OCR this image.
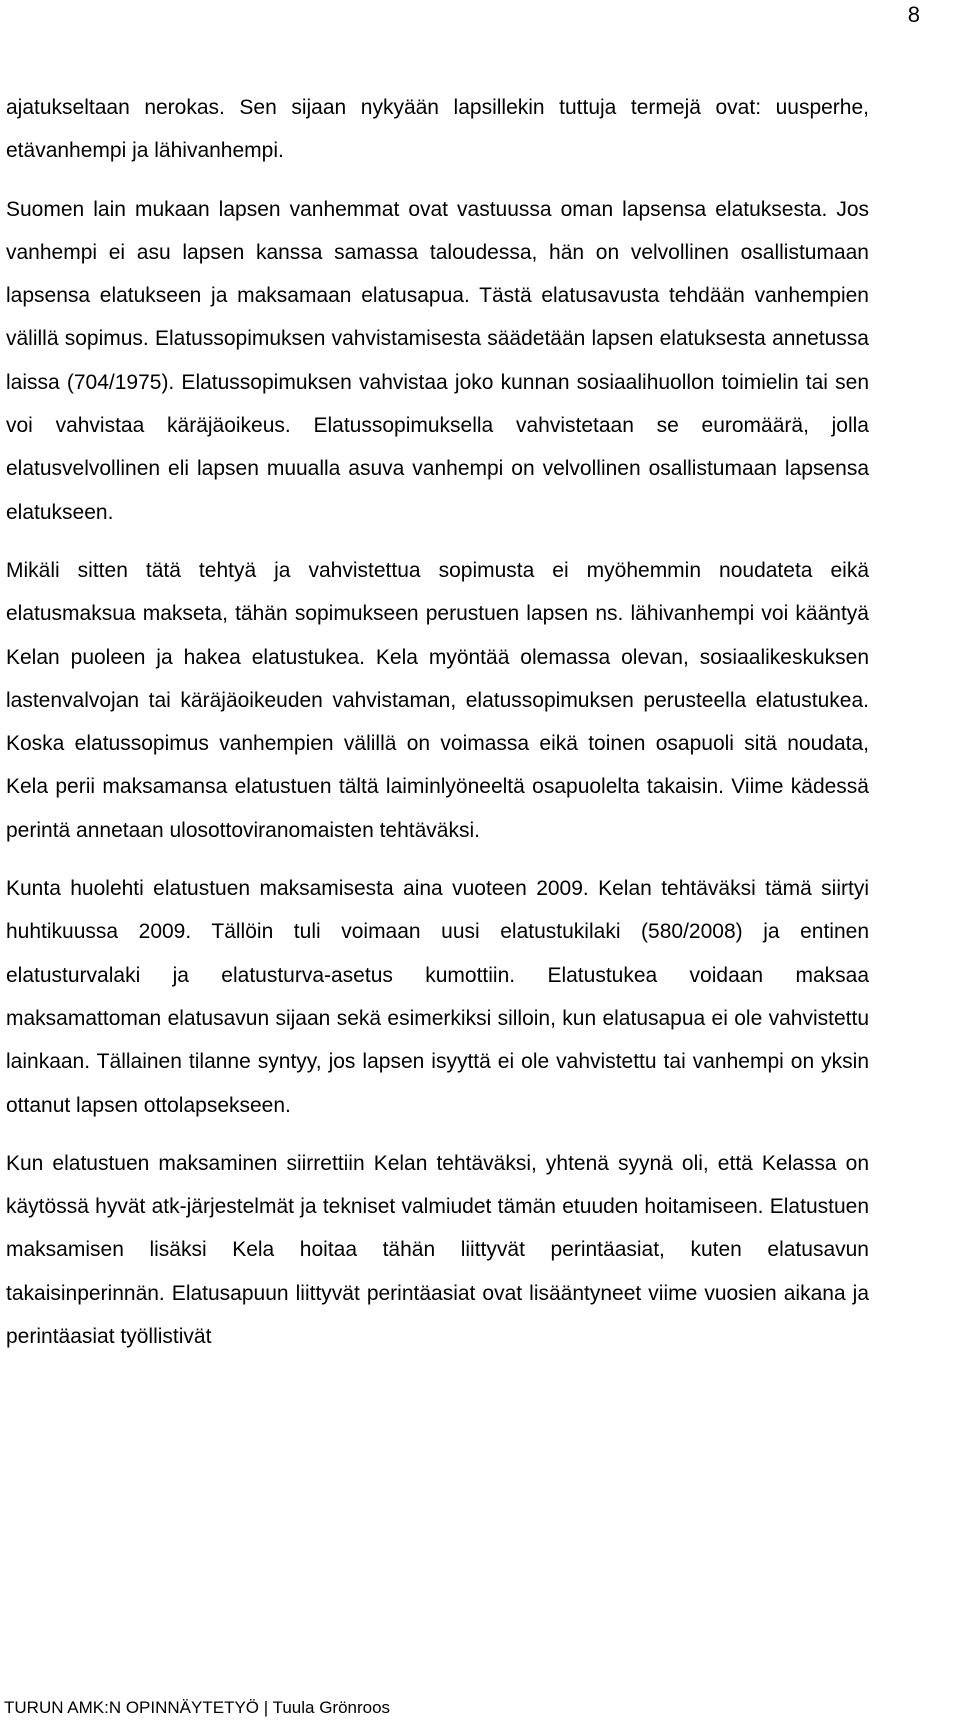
8

ajatukseltaan nerokas. Sen sijaan nykyään lapsillekin tuttuja termejä ovat: uusperhe, etävanhempi ja lähivanhempi.

Suomen lain mukaan lapsen vanhemmat ovat vastuussa oman lapsensa elatuksesta. Jos vanhempi ei asu lapsen kanssa samassa taloudessa, hän on velvollinen osallistumaan lapsensa elatukseen ja maksamaan elatusapua. Tästä elatusavusta tehdään vanhempien välillä sopimus. Elatussopimuksen vahvistamisesta säädetään lapsen elatuksesta annetussa laissa (704/1975). Elatussopimuksen vahvistaa joko kunnan sosiaalihuollon toimielin tai sen voi vahvistaa käräjäoikeus. Elatussopimuksella vahvistetaan se euromäärä, jolla elatusvelvollinen eli lapsen muualla asuva vanhempi on velvollinen osallistumaan lapsensa elatukseen.

Mikäli sitten tätä tehtyä ja vahvistettua sopimusta ei myöhemmin noudateta eikä elatusmaksua makseta, tähän sopimukseen perustuen lapsen ns. lähivanhempi voi kääntyä Kelan puoleen ja hakea elatustukea. Kela myöntää olemassa olevan, sosiaalikeskuksen lastenvalvojan tai käräjäoikeuden vahvistaman, elatussopimuksen perusteella elatustukea. Koska elatussopimus vanhempien välillä on voimassa eikä toinen osapuoli sitä noudata, Kela perii maksamansa elatustuen tältä laiminlyöneeltä osapuolelta takaisin. Viime kädessä perintä annetaan ulosottoviranomaisten tehtäväksi.

Kunta huolehti elatustuen maksamisesta aina vuoteen 2009. Kelan tehtäväksi tämä siirtyi huhtikuussa 2009. Tällöin tuli voimaan uusi elatustukilaki (580/2008) ja entinen elatusturvalaki ja elatusturva-asetus kumottiin. Elatustukea voidaan maksaa maksamattoman elatusavun sijaan sekä esimerkiksi silloin, kun elatusapua ei ole vahvistettu lainkaan. Tällainen tilanne syntyy, jos lapsen isyyttä ei ole vahvistettu tai vanhempi on yksin ottanut lapsen ottolapsekseen.

Kun elatustuen maksaminen siirrettiin Kelan tehtäväksi, yhtenä syynä oli, että Kelassa on käytössä hyvät atk-järjestelmät ja tekniset valmiudet tämän etuuden hoitamiseen. Elatustuen maksamisen lisäksi Kela hoitaa tähän liittyvät perintäasiat, kuten elatusavun takaisinperinnän. Elatusapuun liittyvät perintäasiat ovat lisääntyneet viime vuosien aikana ja perintäasiat työllistivät

TURUN AMK:N OPINNÄYTETYÖ | Tuula Grönroos
